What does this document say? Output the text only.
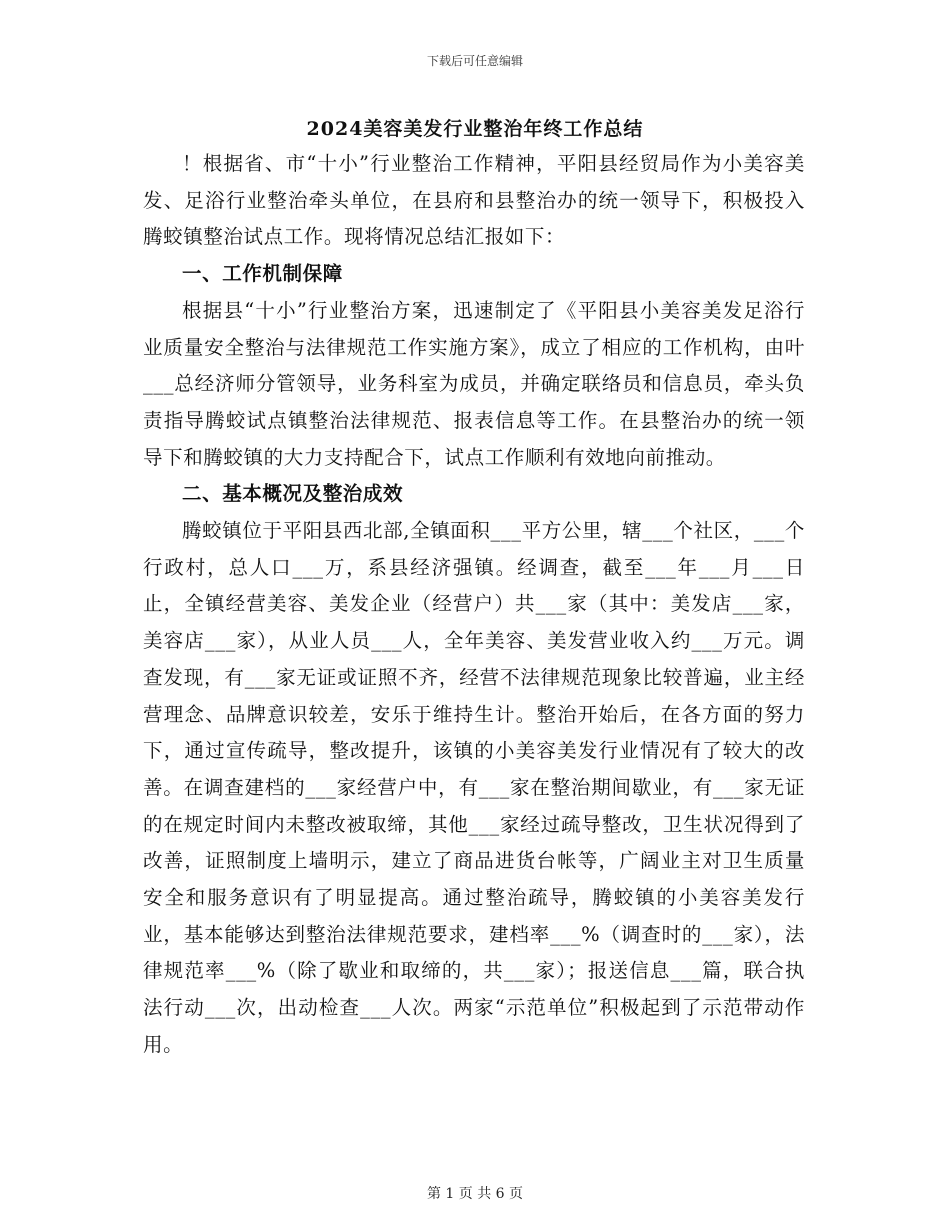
下载后可任意编辑
2024美容美发行业整治年终工作总结

！根据省、市“十小”行业整治工作精神，平阳县经贸局作为小美容美发、足浴行业整治牵头单位，在县府和县整治办的统一领导下，积极投入腾蛟镇整治试点工作。现将情况总结汇报如下：

一、工作机制保障

根据县“十小”行业整治方案，迅速制定了《平阳县小美容美发足浴行业质量安全整治与法律规范工作实施方案》，成立了相应的工作机构，由叶___总经济师分管领导，业务科室为成员，并确定联络员和信息员，牵头负责指导腾蛟试点镇整治法律规范、报表信息等工作。在县整治办的统一领导下和腾蛟镇的大力支持配合下，试点工作顺利有效地向前推动。

二、基本概况及整治成效

腾蛟镇位于平阳县西北部,全镇面积___平方公里，辖___个社区，___个行政村，总人口___万，系县经济强镇。经调查，截至___年___月___日止，全镇经营美容、美发企业（经营户）共___家（其中：美发店___家，美容店___家），从业人员___人，全年美容、美发营业收入约___万元。调查发现，有___家无证或证照不齐，经营不法律规范现象比较普遍，业主经营理念、品牌意识较差，安乐于维持生计。整治开始后，在各方面的努力下，通过宣传疏导，整改提升，该镇的小美容美发行业情况有了较大的改善。在调查建档的___家经营户中，有___家在整治期间歇业，有___家无证的在规定时间内未整改被取缔，其他___家经过疏导整改，卫生状况得到了改善，证照制度上墙明示，建立了商品进货台帐等，广阔业主对卫生质量安全和服务意识有了明显提高。通过整治疏导，腾蛟镇的小美容美发行业，基本能够达到整治法律规范要求，建档率___%（调查时的___家），法律规范率___%（除了歇业和取缔的，共___家）；报送信息___篇，联合执法行动___次，出动检查___人次。两家“示范单位”积极起到了示范带动作用。

第 1 页 共 6 页
